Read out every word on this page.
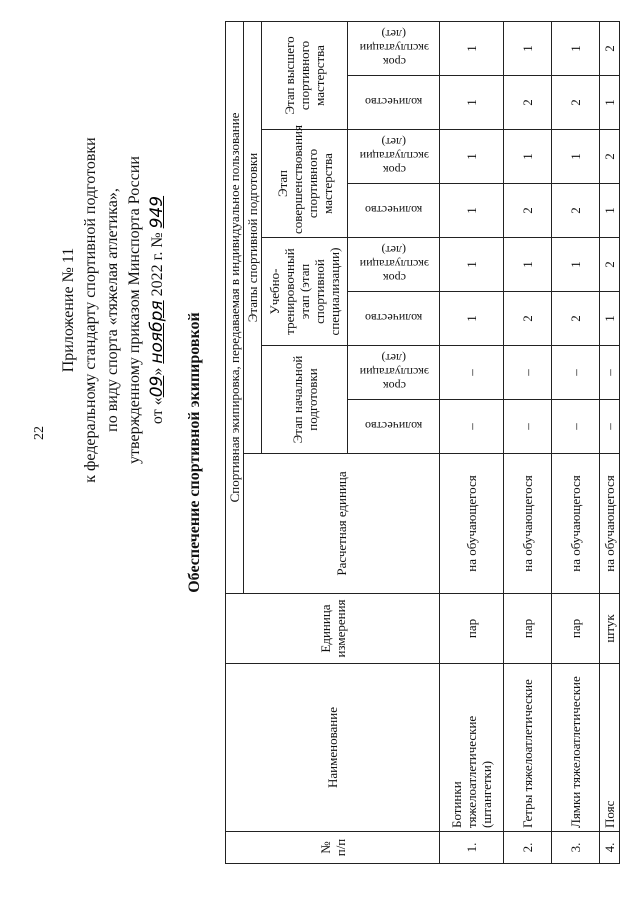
22
Приложение № 11 к федеральному стандарту спортивной подготовки по виду спорта «тяжелая атлетика», утвержденному приказом Минспорта России от «09» ноября 2022 г. № 949
Обеспечение спортивной экипировкой
№ п/п	Наименование	Единица измерения	Спортивная экипировка, передаваемая в индивидуальное пользование								
			Расчетная единица	Этапы спортивной подготовки							
				Этап начальной подготовки		Учебно-тренировочный этап (этап спортивной специализации)		Этап совершенствования спортивного мастерства		Этап высшего спортивного мастерства	

				количество	срок эксплуатации (лет)	количество	срок эксплуатации (лет)	количество	срок эксплуатации (лет)	количество	срок эксплуатации (лет)

1.	Ботинки тяжелоатлетические (штангетки)	пар	на обучающегося	–	–	1	1	1	1	1	1
2.	Гетры тяжелоатлетические	пар	на обучающегося	–	–	2	1	2	1	2	1
3.	Лямки тяжелоатлетические	пар	на обучающегося	–	–	2	1	2	1	2	1
4.	Пояс	штук	на обучающегося	–	–	1	2	1	2	1	2
